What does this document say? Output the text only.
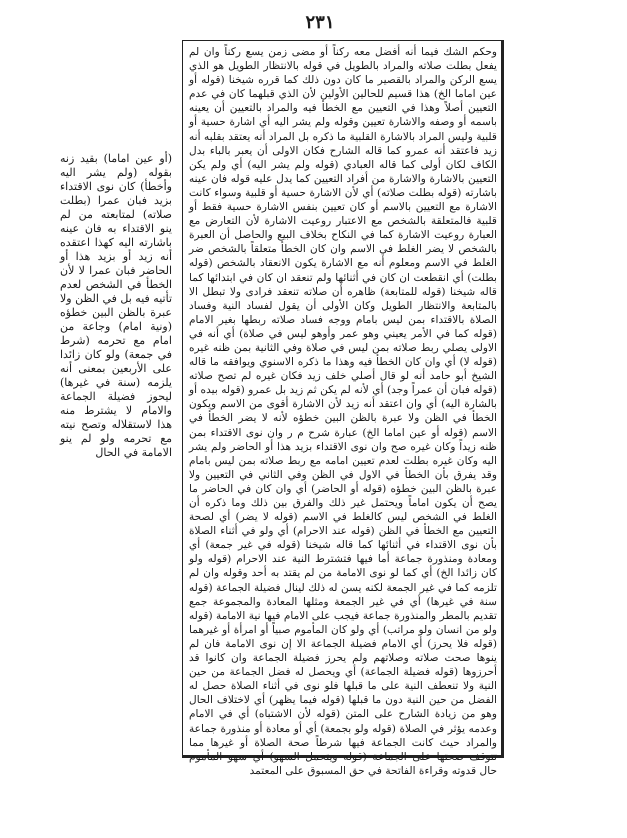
٢٣١

(أو عين اماما) بقيد زنه بقوله (ولم يشر اليه وأخطأ) كان نوى الاقتداء بزيد فبان عمرا (بطلت صلاته) لمتابعته من لم ينو الاقتداء به فان عينه باشارته اليه كهذا اعتقده أنه زيد أو بزيد هذا أو الحاضر فبان عمرا لا لأن الخطأ في الشخص لعدم تأتيه فيه بل في الظن ولا عبرة بالظن البين خطؤه (ونية امام) وجاعة من امام مع تحرمه (شرط في جمعة) ولو كان زائدا على الأربعين بمعنى أنه يلزمه (سنة في غيرها) ليحوز فضيلة الجماعة والامام لا يشترط منه هذا لاستقلاله وتصح نيته مع تحرمه ولو لم ينو الامامة في الحال

وحكم الشك فيما أنه أفضل معه ركناً أو مضى زمن يسع ركناً وان لم يفعل بطلت صلاته والمراد بالطويل في قوله بالانتظار الطويل هو الذي يسع الركن والمراد بالقصير ما كان دون ذلك كما قرره شيخنا (قوله أو عين اماما الخ) هذا قسيم للحالين الأولين لأن الذي قبلهما كان في عدم التعيين أصلاً وهذا في التعيين مع الخطأ فيه والمراد بالتعيين أن يعينه باسمه أو وصفه والاشارة تعيين وقوله ولم يشر اليه أي اشارة حسية أو قلبية وليس المراد بالاشارة القلبية ما ذكره بل المراد أنه يعتقد بقلبه أنه زيد فاعتقد أنه عمرو كما قاله الشارح فكان الاولى أن يعبر بالباء بدل الكاف لكان أولى كما قاله العبادي (قوله ولم يشر اليه) أي ولم يكن التعيين بالاشارة والاشارة من أفراد التعيين كما يدل عليه قوله فان عينه باشارته (قوله بطلت صلاته) أي لأن الاشارة حسية أو قلبية وسواء كانت الاشارة مع التعيين بالاسم أو كان تعيين بنفس الاشارة حسية فقط أو قلبية فالمتعلقة بالشخص مع الاعتبار روعيت الاشارة لأن التعارض مع العبارة روعيت الاشارة كما في النكاح بخلاف البيع والحاصل أن العبرة بالشخص لا يضر الغلط في الاسم وان كان الخطأ متعلقاً بالشخص ضر الغلط في الاسم ومعلوم أنه مع الاشارة يكون الانعقاد بالشخص (قوله بطلت) أي انقطعت ان كان في أثنائها ولم تنعقد ان كان في ابتدائها كما قاله شيخنا (قوله للمتابعة) ظاهره أن صلاته تنعقد فرادى ولا تبطل الا بالمتابعة والانتظار الطويل وكان الأولى أن يقول لفساد النية وفساد الصلاة بالاقتداء بمن ليس بامام ووجه فساد صلاته ربطها بغير الامام (قوله كما في الأمر يعيني وهو عمر وأوهو ليس في صلاة) أي أنه في الاولى يصلي ربط صلاته بمن ليس في صلاة وفي الثانية بمن ظنه غيره (قوله لا) أي وان كان الخطأ فيه وهذا ما ذكره الاسنوي ويوافقه ما قاله الشيخ أبو حامد أنه لو قال أصلي خلف زيد فكان غيره لم تصح صلاته (قوله فبان أن عمراً وجد) أي لأنه لم يكن ثم زيد بل عمرو (قوله بيده أو بالشارة اليه) أي وان اعتقد أنه زيد لأن الاشارة أقوى من الاسم ويكون الخطأ في الظن ولا عبرة بالظن البين خطؤه لأنه لا يضر الخطأ في الاسم (قوله أو عين اماما الخ) عبارة شرح م ر وان نوى الاقتداء بمن ظنه زيداً وكان غيره صح وان نوى الاقتداء بزيد هذا أو الحاضر ولم يشر اليه وكان غيره بطلت لعدم تعيين امامه مع ربط صلاته بمن ليس بامام وقد يفرق بأن الخطأ في الاول في الظن وفي الثاني في التعيين ولا عبرة بالظن البين خطؤه (قوله أو الحاضر) أي وان كان في الحاضر ما يصح أن يكون اماماً ويحتمل غير ذلك والفرق بين ذلك وما ذكره أن الغلط في الشخص ليس كالغلط في الاسم (قوله لا يضر) أي لصحة التعيين مع الخطأ في الظن (قوله عند الاحرام) أي ولو في أثناء الصلاة بأن نوى الاقتداء في أثنائها كما قاله شيخنا (قوله في غير جمعة) أي ومعادة ومنذورة جماعة أما فيها فتشترط النية عند الاحرام (قوله ولو كان زائدا الخ) أي كما لو نوى الامامة من لم يقتد به أحد وقوله وان لم تلزمه كما في غير الجمعة لكنه يسن له ذلك لينال فضيلة الجماعة (قوله سنة في غيرها) أي في غير الجمعة ومثلها المعادة والمجموعة جمع تقديم بالمطر والمنذورة جماعة فيجب على الامام فيها نية الامامة (قوله ولو من انسان ولو مراتب) أي ولو كان المأموم صبياً أو امرأة أو غيرهما (قوله فلا يحرز) أي الامام فضيلة الجماعة الا إن نوى الامامة فان لم ينوها صحت صلاته وصلاتهم ولم يحرز فضيلة الجماعة وان كانوا قد أحرزوها (قوله فضيلة الجماعة) أي ويحصل له فضل الجماعة من حين النية ولا تنعطف النية على ما قبلها فلو نوى في أثناء الصلاة حصل له الفضل من حين النية دون ما قبلها (قوله فيما يظهر) أي لاختلاف الحال وهو من زيادة الشارح على المتن (قوله لأن الاشتباه) أي في الامام وعدمه يؤثر في الصلاة (قوله ولو بجمعة) أي أو معادة أو منذورة جماعة والمراد حيث كانت الجماعة فيها شرطاً صحة الصلاة أو غيرها مما تتوقف صحتها على الجماعة (قوله ويتحمل السهو) أي سهو المأموم حال قدوته وقراءة الفاتحة في حق المسبوق على المعتمد
